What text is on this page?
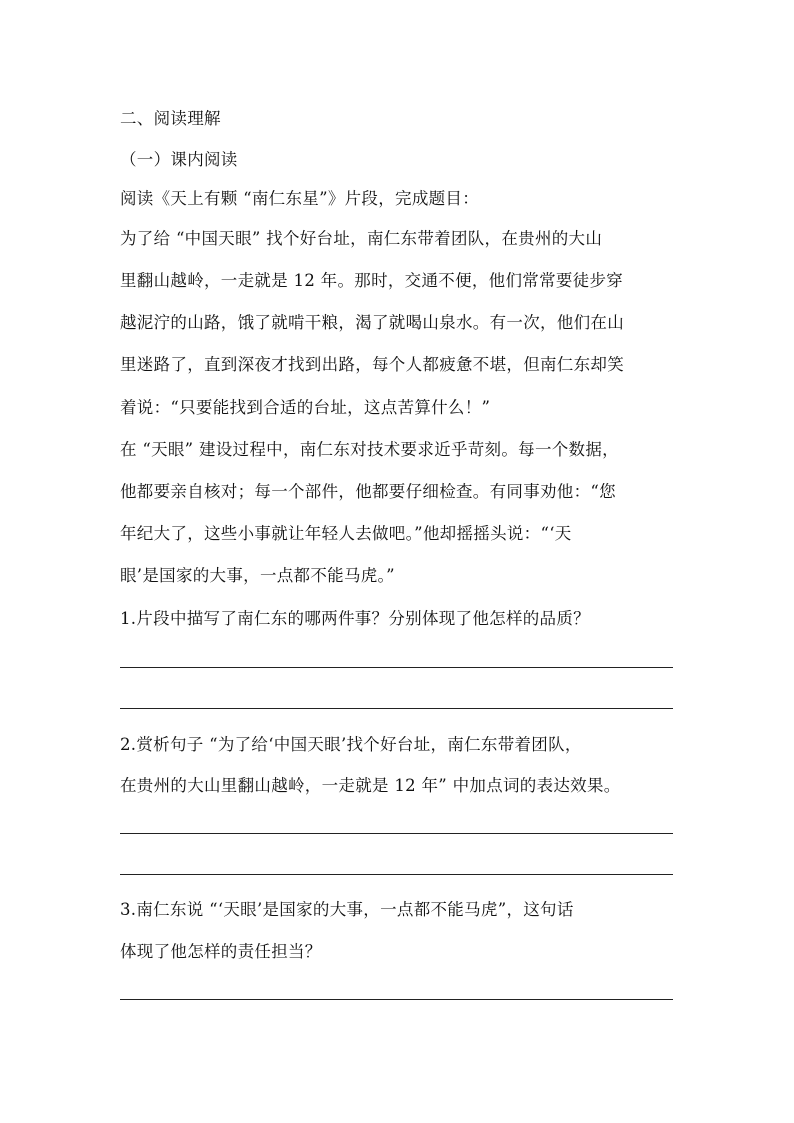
二、阅读理解
（一）课内阅读
阅读《天上有颗 “南仁东星”》片段，完成题目：
为了给 “中国天眼” 找个好台址，南仁东带着团队，在贵州的大山
里翻山越岭，一走就是 12 年。那时，交通不便，他们常常要徒步穿
越泥泞的山路，饿了就啃干粮，渴了就喝山泉水。有一次，他们在山
里迷路了，直到深夜才找到出路，每个人都疲惫不堪，但南仁东却笑
着说：“只要能找到合适的台址，这点苦算什么！”
在 “天眼” 建设过程中，南仁东对技术要求近乎苛刻。每一个数据，
他都要亲自核对；每一个部件，他都要仔细检查。有同事劝他：“您
年纪大了，这些小事就让年轻人去做吧。”他却摇摇头说：“‘天
眼’是国家的大事，一点都不能马虎。”
1.片段中描写了南仁东的哪两件事？分别体现了他怎样的品质？
2.赏析句子 “为了给‘中国天眼’找个好台址，南仁东带着团队，
在贵州的大山里翻山越岭，一走就是 12 年” 中加点词的表达效果。
3.南仁东说 “‘天眼’是国家的大事，一点都不能马虎”，这句话
体现了他怎样的责任担当？
